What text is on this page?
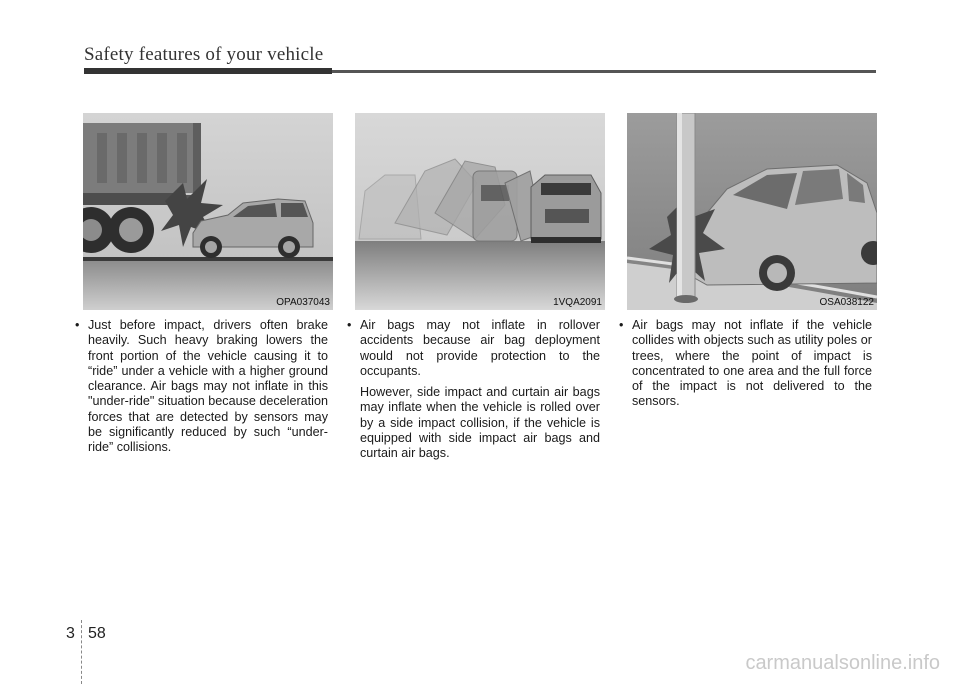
Safety features of your vehicle
OPA037043	1VQA2091	OSA038122

• Just before impact, drivers often brake heavily. Such heavy braking lowers the front portion of the vehicle causing it to “ride” under a vehicle with a higher ground clearance. Air bags may not inflate in this "under-ride" situation because deceleration forces that are detected by sensors may be significantly reduced by such “under-ride” collisions.

• Air bags may not inflate in rollover accidents because air bag deployment would not provide protection to the occupants.

However, side impact and curtain air bags may inflate when the vehicle is rolled over by a side impact collision, if the vehicle is equipped with side impact air bags and curtain air bags.

• Air bags may not inflate if the vehicle collides with objects such as utility poles or trees, where the point of impact is concentrated to one area and the full force of the impact is not delivered to the sensors.

3 58
carmanualsonline.info
